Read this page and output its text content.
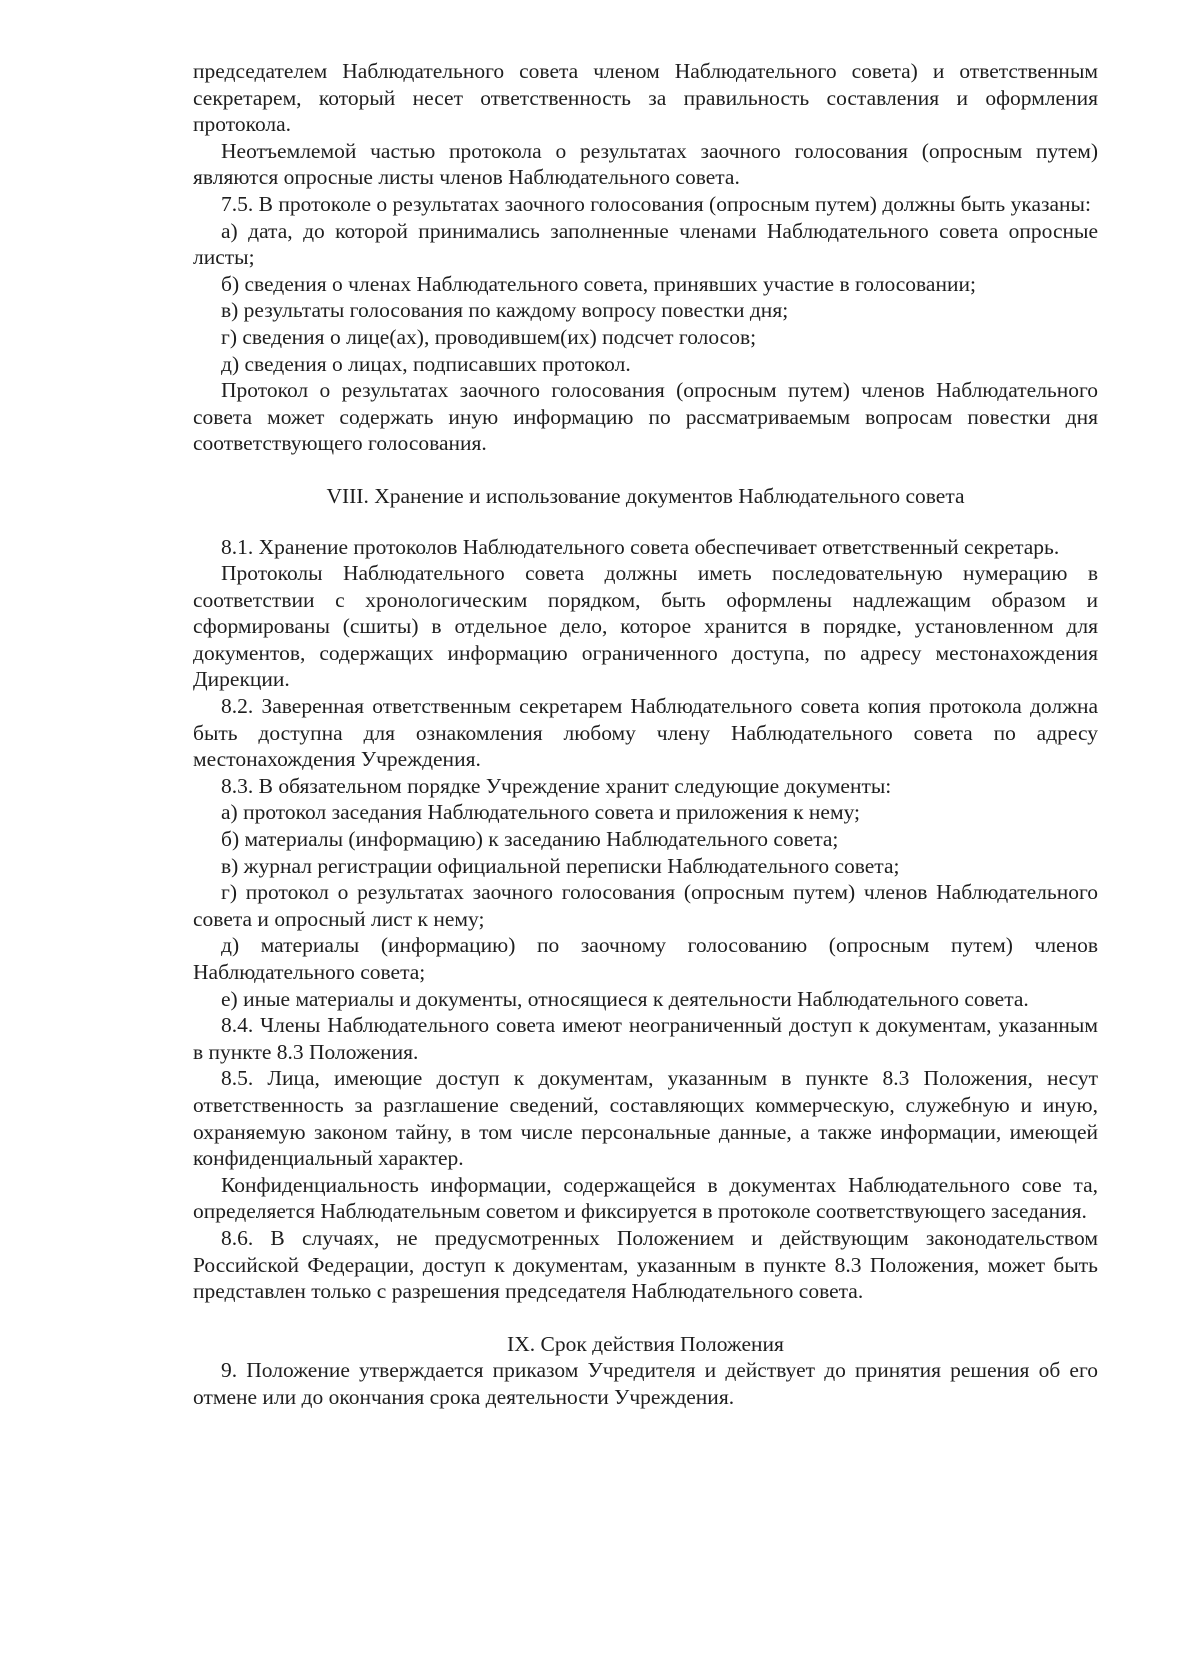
председателем Наблюдательного совета членом Наблюдательного совета) и ответственным секретарем, который несет ответственность за правильность составления и оформления протокола.

Неотъемлемой частью протокола о результатах заочного голосования (опросным путем) являются опросные листы членов Наблюдательного совета.

7.5. В протоколе о результатах заочного голосования (опросным путем) должны быть указаны:

а) дата, до которой принимались заполненные членами Наблюдательного совета опросные листы;

б) сведения о членах Наблюдательного совета, принявших участие в голосовании;

в) результаты голосования по каждому вопросу повестки дня;

г) сведения о лице(ах), проводившем(их) подсчет голосов;

д) сведения о лицах, подписавших протокол.

Протокол о результатах заочного голосования (опросным путем) членов Наблюдательного совета может содержать иную информацию по рассматриваемым вопросам повестки дня соответствующего голосования.

VIII. Хранение и использование документов Наблюдательного совета

8.1. Хранение протоколов Наблюдательного совета обеспечивает ответственный секретарь.

Протоколы Наблюдательного совета должны иметь последовательную нумерацию в соответствии с хронологическим порядком, быть оформлены надлежащим образом и сформированы (сшиты) в отдельное дело, которое хранится в порядке, установленном для документов, содержащих информацию ограниченного доступа, по адресу местонахождения Дирекции.

8.2. Заверенная ответственным секретарем Наблюдательного совета копия протокола должна быть доступна для ознакомления любому члену Наблюдательного совета по адресу местонахождения Учреждения.

8.3. В обязательном порядке Учреждение хранит следующие документы:

а) протокол заседания Наблюдательного совета и приложения к нему;

б) материалы (информацию) к заседанию Наблюдательного совета;

в) журнал регистрации официальной переписки Наблюдательного совета;

г) протокол о результатах заочного голосования (опросным путем) членов Наблюдательного совета и опросный лист к нему;

д) материалы (информацию) по заочному голосованию (опросным путем) членов Наблюдательного совета;

е) иные материалы и документы, относящиеся к деятельности Наблюдательного совета.

8.4. Члены Наблюдательного совета имеют неограниченный доступ к документам, указанным в пункте 8.3 Положения.

8.5. Лица, имеющие доступ к документам, указанным в пункте 8.3 Положения, несут ответственность за разглашение сведений, составляющих коммерческую, служебную и иную, охраняемую законом тайну, в том числе персональные данные, а также информации, имеющей конфиденциальный характер.

Конфиденциальность информации, содержащейся в документах Наблюдательного сове та, определяется Наблюдательным советом и фиксируется в протоколе соответствующего заседания.

8.6. В случаях, не предусмотренных Положением и действующим законодательством Российской Федерации, доступ к документам, указанным в пункте 8.3 Положения, может быть представлен только с разрешения председателя Наблюдательного совета.

IX. Срок действия Положения

9. Положение утверждается приказом Учредителя и действует до принятия решения об его отмене или до окончания срока деятельности Учреждения.
